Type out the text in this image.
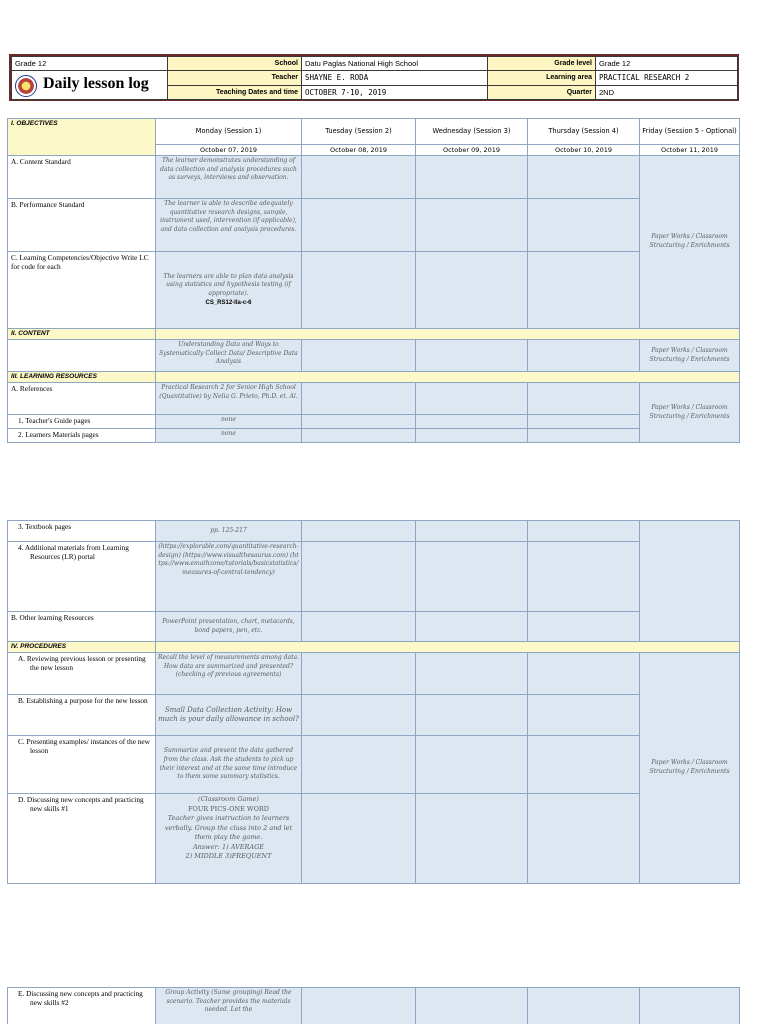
Grade 12	School	Datu Paglas National High School	Grade level	Grade 12
Daily lesson log	Teacher	SHAYNE E. RODA	Learning area	PRACTICAL RESEARCH 2
	Teaching Dates and time	OCTOBER 7-10, 2019	Quarter	2ND
I. OBJECTIVES	Monday (Session 1)	Tuesday (Session 2)	Wednesday (Session 3)	Thursday (Session 4)	Friday (Session 5 - Optional)
	October 07, 2019	October 08, 2019	October 09, 2019	October 10, 2019	October 11, 2019
A. Content Standard	The learner demonstrates understanding of data collection and analysis procedures such as surveys, interviews and observation.				Paper Works / Classroom Structuring / Enrichments
B. Performance Standard	The learner is able to describe adequately quantitative research designs, sample, instrument used, intervention (if applicable), and data collection and analysis procedures.				
C. Learning Competencies/Objective Write LC for code for each	The learners are able to plan data analysis using statistics and hypothesis testing (if appropriate).
CS_RS12-IIa-c-6				
II. CONTENT					
	Understanding Data and Ways to Systematically Collect Data/ Descriptive Data Analysis				Paper Works / Classroom Structuring / Enrichments
III. LEARNING RESOURCES					
A. References	Practical Research 2 for Senior High School (Quantitative) by Nelia G. Prieto, Ph.D. et. Al.				Paper Works / Classroom Structuring / Enrichments
1. Teacher's Guide pages	none				
2. Learners Materials pages	none				
3. Textbook pages	pp. 125-217				
4. Additional materials from Learning Resources (LR) portal	(https://explorable.com/quantitative-research-design) (https://www.visualthesaurus.com) (https://www.emathzone/tutorials/basicstatistics/measures-of-central-tendency)				
B. Other learning Resources	PowerPoint presentation, chart, metacards, bond papers, pen, etc.				
IV. PROCEDURES					
A. Reviewing previous lesson or presenting the new lesson	Recall the level of measurements among data. How data are summarized and presented? (checking of previous agreements)				Paper Works / Classroom Structuring / Enrichments
B. Establishing a purpose for the new lesson	Small Data Collection Activity: How much is your daily allowance in school?				
C. Presenting examples/ instances of the new lesson	Summarize and present the data gathered from the class. Ask the students to pick up their interest and at the same time introduce to them some summary statistics.				
D. Discussing new concepts and practicing new skills #1	(Classroom Game)
FOUR PICS-ONE WORD
Teacher gives instruction to learners verbally. Group the class into 2 and let them play the game.
Answer: 1) AVERAGE
2) MIDDLE 3)FREQUENT				
E. Discussing new concepts and practicing new skills #2	Group Activity (Same grouping) Read the scenario. Teacher provides the materials needed. Let the				
